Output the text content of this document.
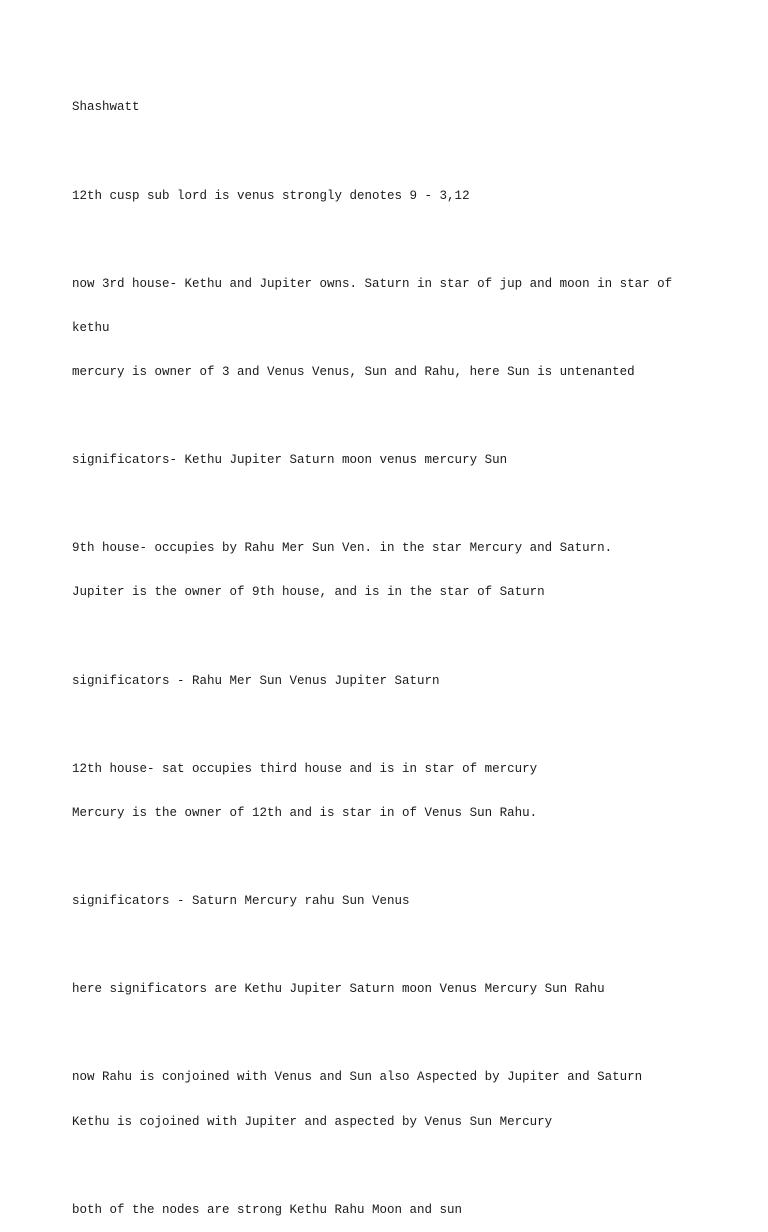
Shashwatt

12th cusp sub lord is venus strongly denotes 9 - 3,12

now 3rd house- Kethu and Jupiter owns. Saturn in star of jup and moon in star of

kethu

mercury is owner of 3 and Venus Venus, Sun and Rahu, here Sun is untenanted

significators- Kethu Jupiter Saturn moon venus mercury Sun

9th house- occupies by Rahu Mer Sun Ven. in the star Mercury and Saturn.

Jupiter is the owner of 9th house, and is in the star of Saturn

significators - Rahu Mer Sun Venus Jupiter Saturn

12th house- sat occupies third house and is in star of mercury

Mercury is the owner of 12th and is star in of Venus Sun Rahu.

significators - Saturn Mercury rahu Sun Venus

here significators are Kethu Jupiter Saturn moon Venus Mercury Sun Rahu

now Rahu is conjoined with Venus and Sun also Aspected by Jupiter and Saturn

Kethu is cojoined with Jupiter and aspected by Venus Sun Mercury

both of the nodes are strong Kethu Rahu Moon and sun
